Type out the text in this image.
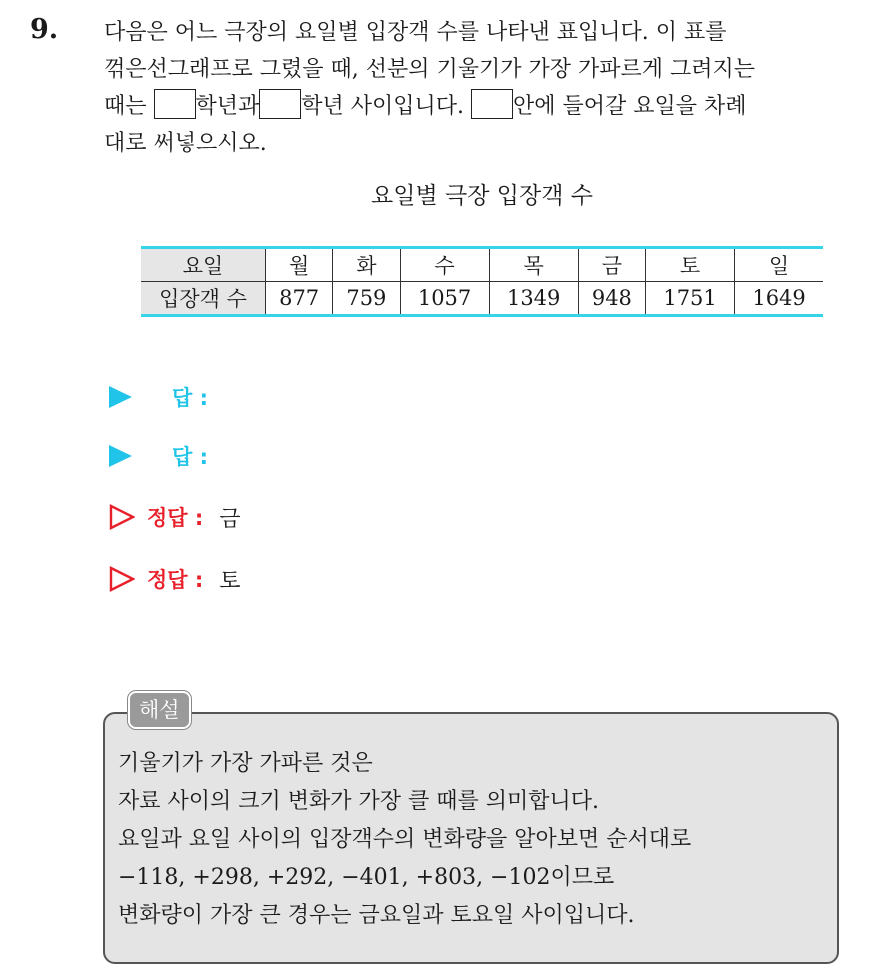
9. 다음은 어느 극장의 요일별 입장객 수를 나타낸 표입니다. 이 표를
꺾은선그래프로 그렸을 때, 선분의 기울기가 가장 가파르게 그려지는
때는 학년과 학년 사이입니다. 안에 들어갈 요일을 차례
대로 써넣으시오.
요일별 극장 입장객 수
요일	월	화	수	목	금	토	일
입장객 수	877	759	1057	1349	948	1751	1649
답 :
답 :
정답 : 금
정답 : 토
해설
기울기가 가장 가파른 것은
자료 사이의 크기 변화가 가장 클 때를 의미합니다.
요일과 요일 사이의 입장객수의 변화량을 알아보면 순서대로
−118, +298, +292, −401, +803, −102이므로
변화량이 가장 큰 경우는 금요일과 토요일 사이입니다.
